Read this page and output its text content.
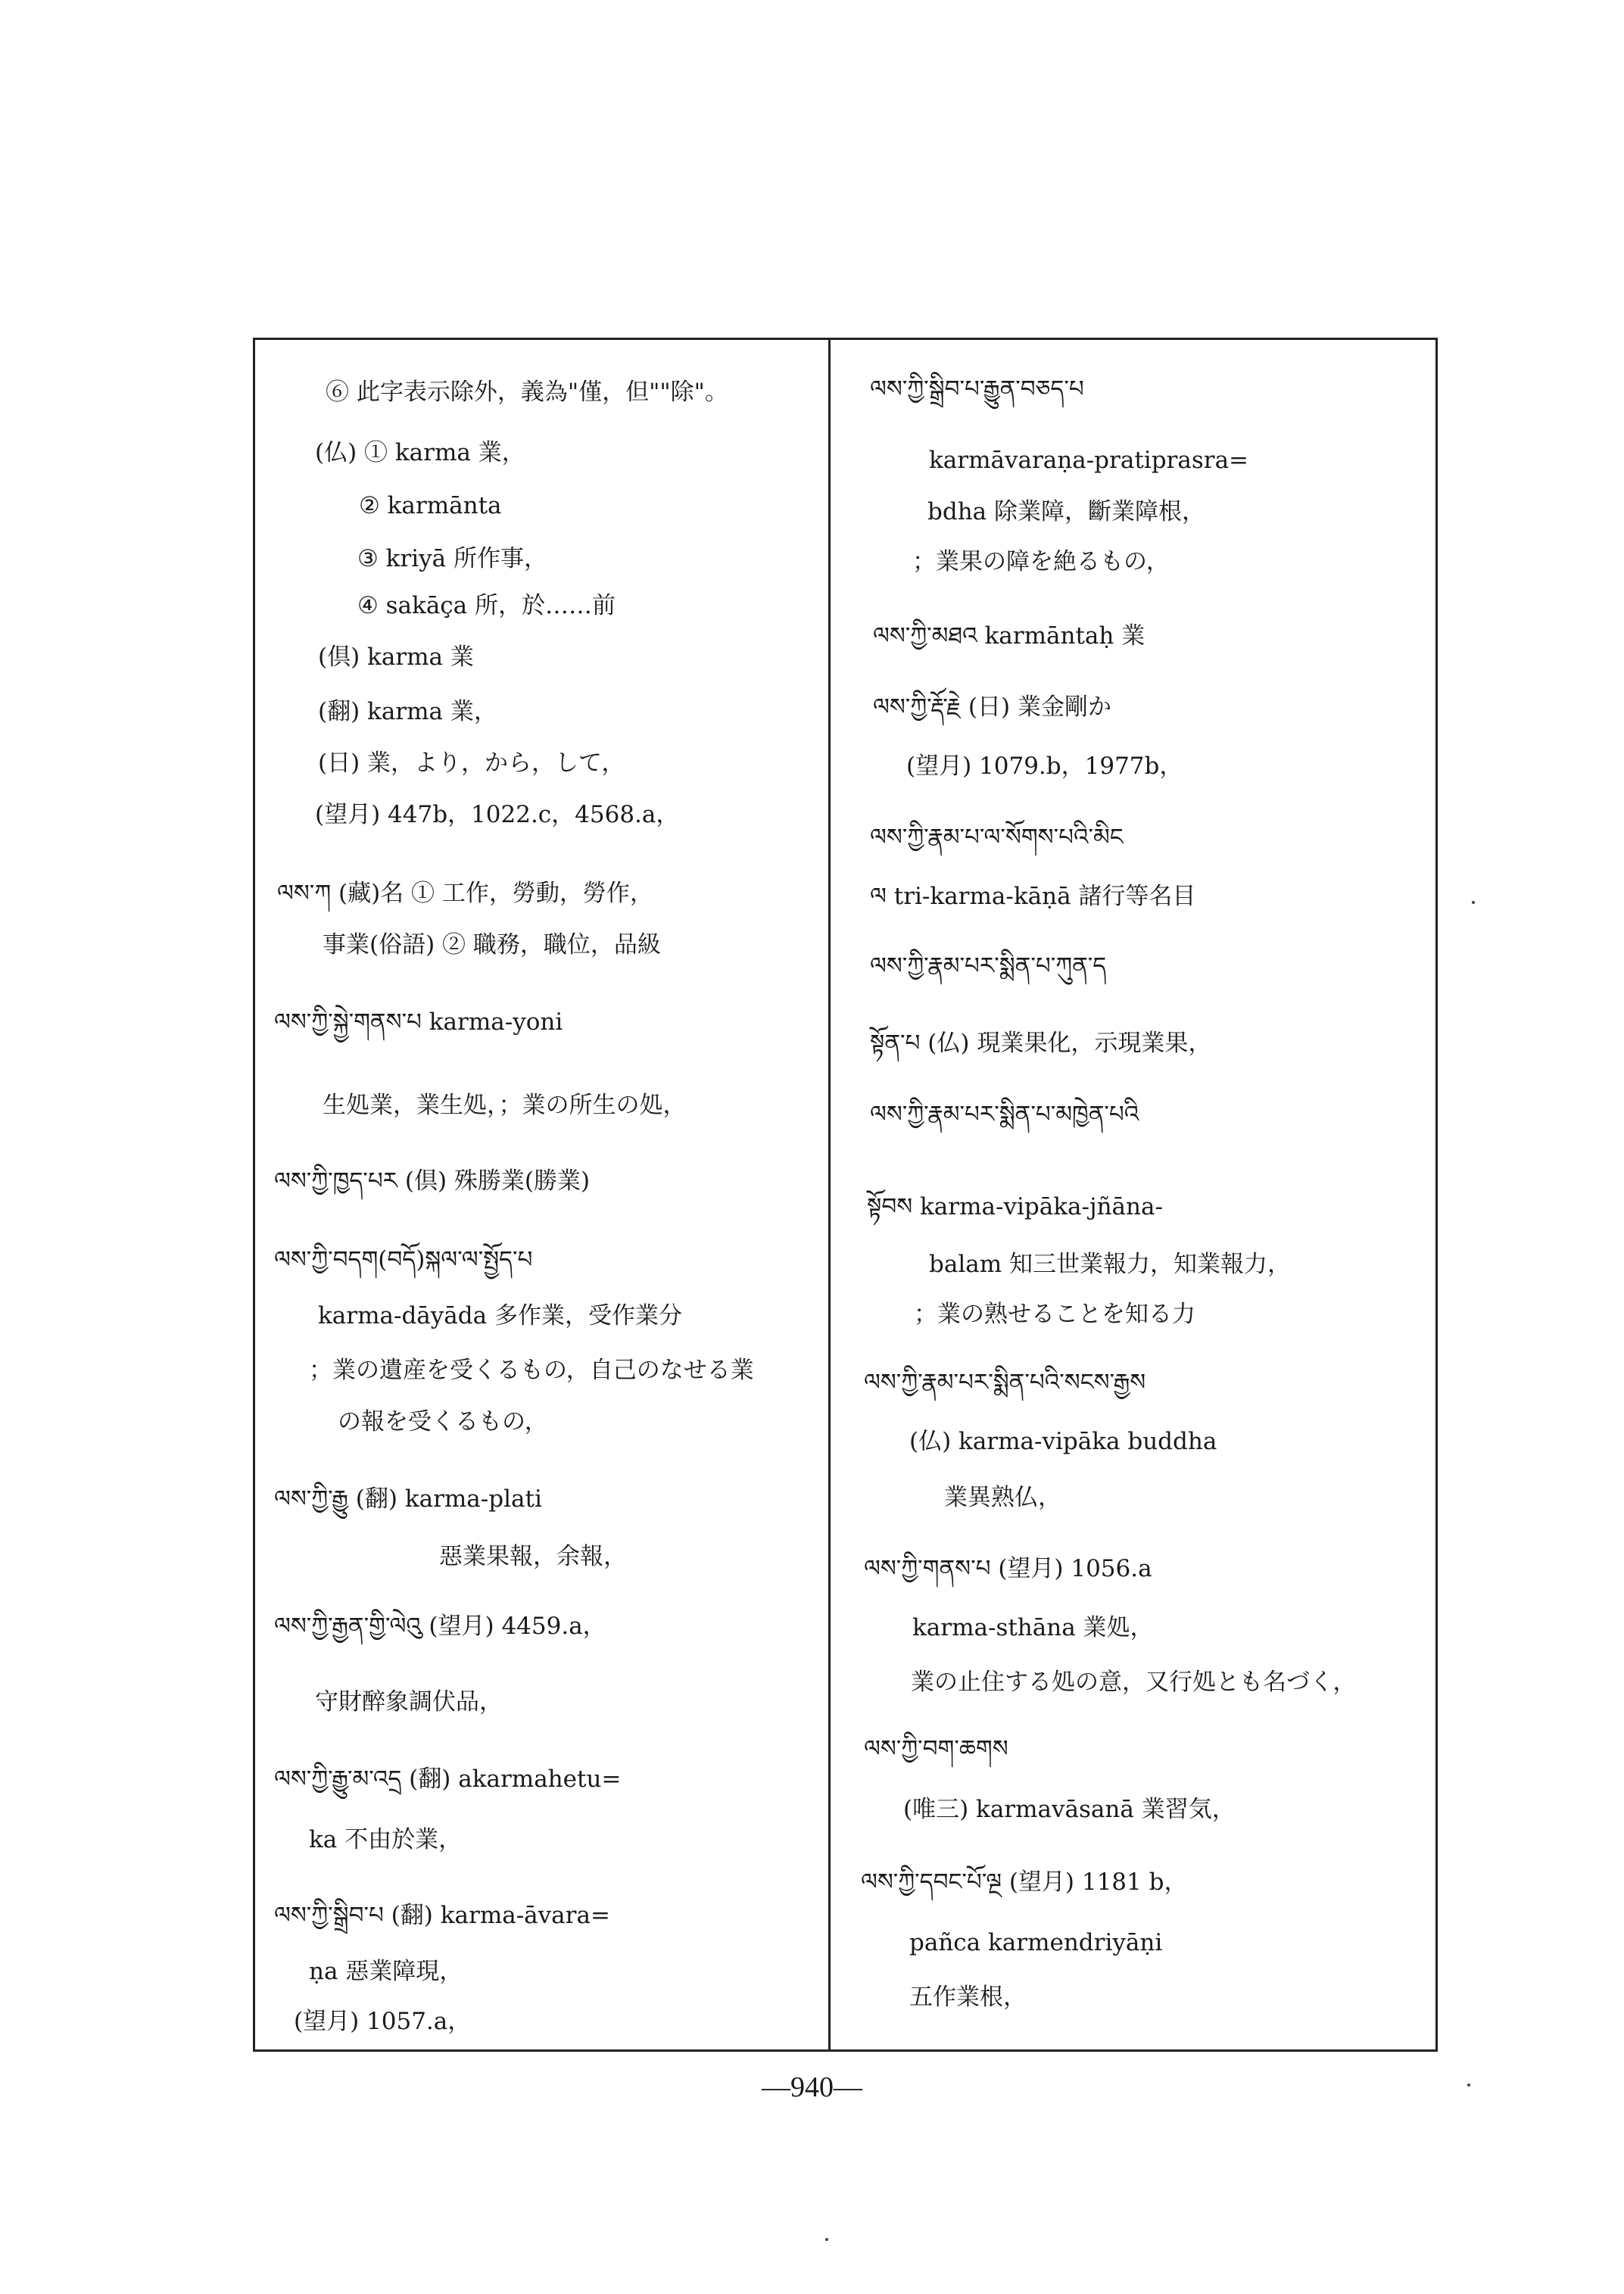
⑥ 此字表示除外，義為"僅，但""除"。
(仏) ① karma 業，
② karmānta
③ kriyā 所作事，
④ sakāça 所，於……前
(倶) karma 業
(翻) karma 業，
(日) 業，より，から，して，
(望月) 447b，1022.c，4568.a，
ལས་ཀ (藏)名 ① 工作，勞動，勞作，
事業(俗語) ② 職務，職位，品級
ལས་ཀྱི་སྐྱེ་གནས་པ karma-yoni
生処業，業生処，；業の所生の処，
ལས་ཀྱི་ཁྱད་པར (倶) 殊勝業(勝業)
ལས་ཀྱི་བདག(བདོ)སྐལ་ལ་སྤྱོད་པ
karma-dāyāda 多作業，受作業分
；業の遺産を受くるもの，自己のなせる業
の報を受くるもの，
ལས་ཀྱི་རྒྱུ (翻) karma-plati
惡業果報，余報，
ལས་ཀྱི་རྒྱན་གྱི་ལེའུ (望月) 4459.a，
守財醉象調伏品，
ལས་ཀྱི་རྒྱུ་མ་འདྲ (翻) akarmahetu=
ka 不由於業，
ལས་ཀྱི་སྒྲིབ་པ (翻) karma-āvara=
ṇa 惡業障現，
(望月) 1057.a，
ལས་ཀྱི་སྒྲིབ་པ་རྒྱུན་བཅད་པ
karmāvaraṇa-pratiprasra=
bdha 除業障，斷業障根，
；業果の障を絶るもの，
ལས་ཀྱི་མཐའ karmāntaḥ 業
ལས་ཀྱི་རྡོ་རྗེ (日) 業金剛か
(望月) 1079.b，1977b，
ལས་ཀྱི་རྣམ་པ་ལ་སོགས་པའི་མིང
ལ tri-karma-kāṇā 諸行等名目
ལས་ཀྱི་རྣམ་པར་སྨིན་པ་ཀུན་ད
སྟོན་པ (仏) 現業果化，示現業果，
ལས་ཀྱི་རྣམ་པར་སྨིན་པ་མཁྱེན་པའི
སྟོབས karma-vipāka-jñāna-
balam 知三世業報力，知業報力，
；業の熟せることを知る力
ལས་ཀྱི་རྣམ་པར་སྨིན་པའི་སངས་རྒྱས
(仏) karma-vipāka buddha
業異熟仏，
ལས་ཀྱི་གནས་པ (望月) 1056.a
karma-sthāna 業処，
業の止住する処の意，又行処とも名づく，
ལས་ཀྱི་བག་ཆགས
(唯三) karmavāsanā 業習気，
ལས་ཀྱི་དབང་པོ་ལྔ (望月) 1181 b，
pañca karmendriyāṇi
五作業根，
—940—
